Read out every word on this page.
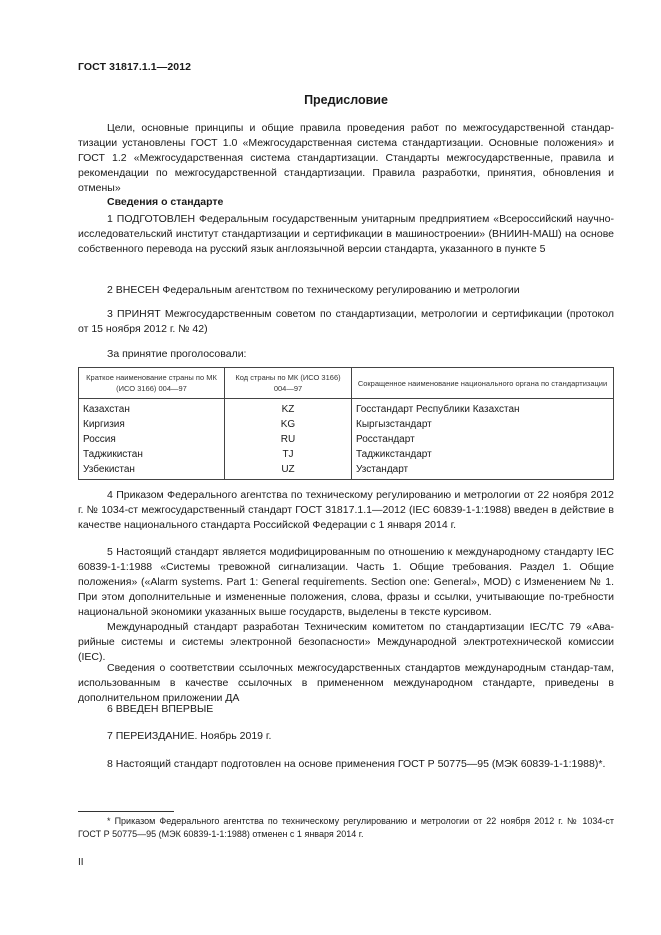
ГОСТ 31817.1.1—2012
Предисловие

Цели, основные принципы и общие правила проведения работ по межгосударственной стандар-тизации установлены ГОСТ 1.0 «Межгосударственная система стандартизации. Основные положения» и ГОСТ 1.2 «Межгосударственная система стандартизации. Стандарты межгосударственные, правила и рекомендации по межгосударственной стандартизации. Правила разработки, принятия, обновления и отмены»

Сведения о стандарте

1 ПОДГОТОВЛЕН Федеральным государственным унитарным предприятием «Всероссийский научно-исследовательский институт стандартизации и сертификации в машиностроении» (ВНИИН-МАШ) на основе собственного перевода на русский язык англоязычной версии стандарта, указанного в пункте 5

2 ВНЕСЕН Федеральным агентством по техническому регулированию и метрологии

3 ПРИНЯТ Межгосударственным советом по стандартизации, метрологии и сертификации (протокол от 15 ноября 2012 г. № 42)

За принятие проголосовали:

Краткое наименование страны по МК (ИСО 3166) 004—97	Код страны по МК (ИСО 3166) 004—97	Сокращенное наименование национального органа по стандартизации
Казахстан	KZ	Госстандарт Республики Казахстан
Киргизия	KG	Кыргызстандарт
Россия	RU	Росстандарт
Таджикистан	TJ	Таджикстандарт
Узбекистан	UZ	Узстандарт

4 Приказом Федерального агентства по техническому регулированию и метрологии от 22 ноября 2012 г. № 1034-ст межгосударственный стандарт ГОСТ 31817.1.1—2012 (IEC 60839-1-1:1988) введен в действие в качестве национального стандарта Российской Федерации с 1 января 2014 г.

5 Настоящий стандарт является модифицированным по отношению к международному стандарту IEC 60839-1-1:1988 «Системы тревожной сигнализации. Часть 1. Общие требования. Раздел 1. Общие положения» («Alarm systems. Part 1: General requirements. Section one: General», MOD) с Изменением № 1. При этом дополнительные и измененные положения, слова, фразы и ссылки, учитывающие по-требности национальной экономики указанных выше государств, выделены в тексте курсивом.

Международный стандарт разработан Техническим комитетом по стандартизации IEC/TC 79 «Ава-рийные системы и системы электронной безопасности» Международной электротехнической комиссии (IEC).

Сведения о соответствии ссылочных межгосударственных стандартов международным стандар-там, использованным в качестве ссылочных в примененном международном стандарте, приведены в дополнительном приложении ДА

6 ВВЕДЕН ВПЕРВЫЕ

7 ПЕРЕИЗДАНИЕ. Ноябрь 2019 г.

8 Настоящий стандарт подготовлен на основе применения ГОСТ Р 50775—95 (МЭК 60839-1-1:1988)*.

* Приказом Федерального агентства по техническому регулированию и метрологии от 22 ноября 2012 г. № 1034-ст ГОСТ Р 50775—95 (МЭК 60839-1-1:1988) отменен с 1 января 2014 г.

II
